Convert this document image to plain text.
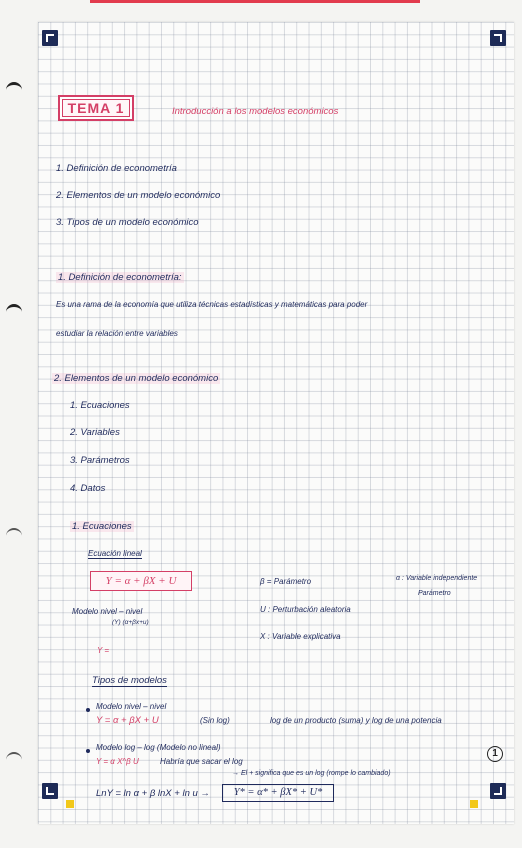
TEMA 1	Introducción a los modelos económicos
1. Definición de econometría
2. Elementos de un modelo económico
3. Tipos de un modelo económico
1. Definición de econometría:
Es una rama de la economía que utiliza técnicas estadísticas y matemáticas para poder
estudiar la relación entre variables
2. Elementos de un modelo económico
1. Ecuaciones
2. Variables
3. Parámetros
4. Datos
1. Ecuaciones
Ecuación lineal
Y = α + βX + U
Modelo nivel – nivel
(Y) (α+βx+u)
Y =
β = Parámetro
U : Perturbación aleatoria
X : Variable explicativa
α : Variable independiente
Parámetro
Tipos de modelos
Modelo nivel – nivel
Y = α + βX + U	(Sin log)	log de un producto (suma) y log de una potencia
Modelo log – log (Modelo no lineal)
Y = α X^β U	Habría que sacar el log
→ El + significa que es un log (rompe lo cambiado)
LnY = ln α + β lnX + ln u →	Y* = α* + βX* + U*
1
